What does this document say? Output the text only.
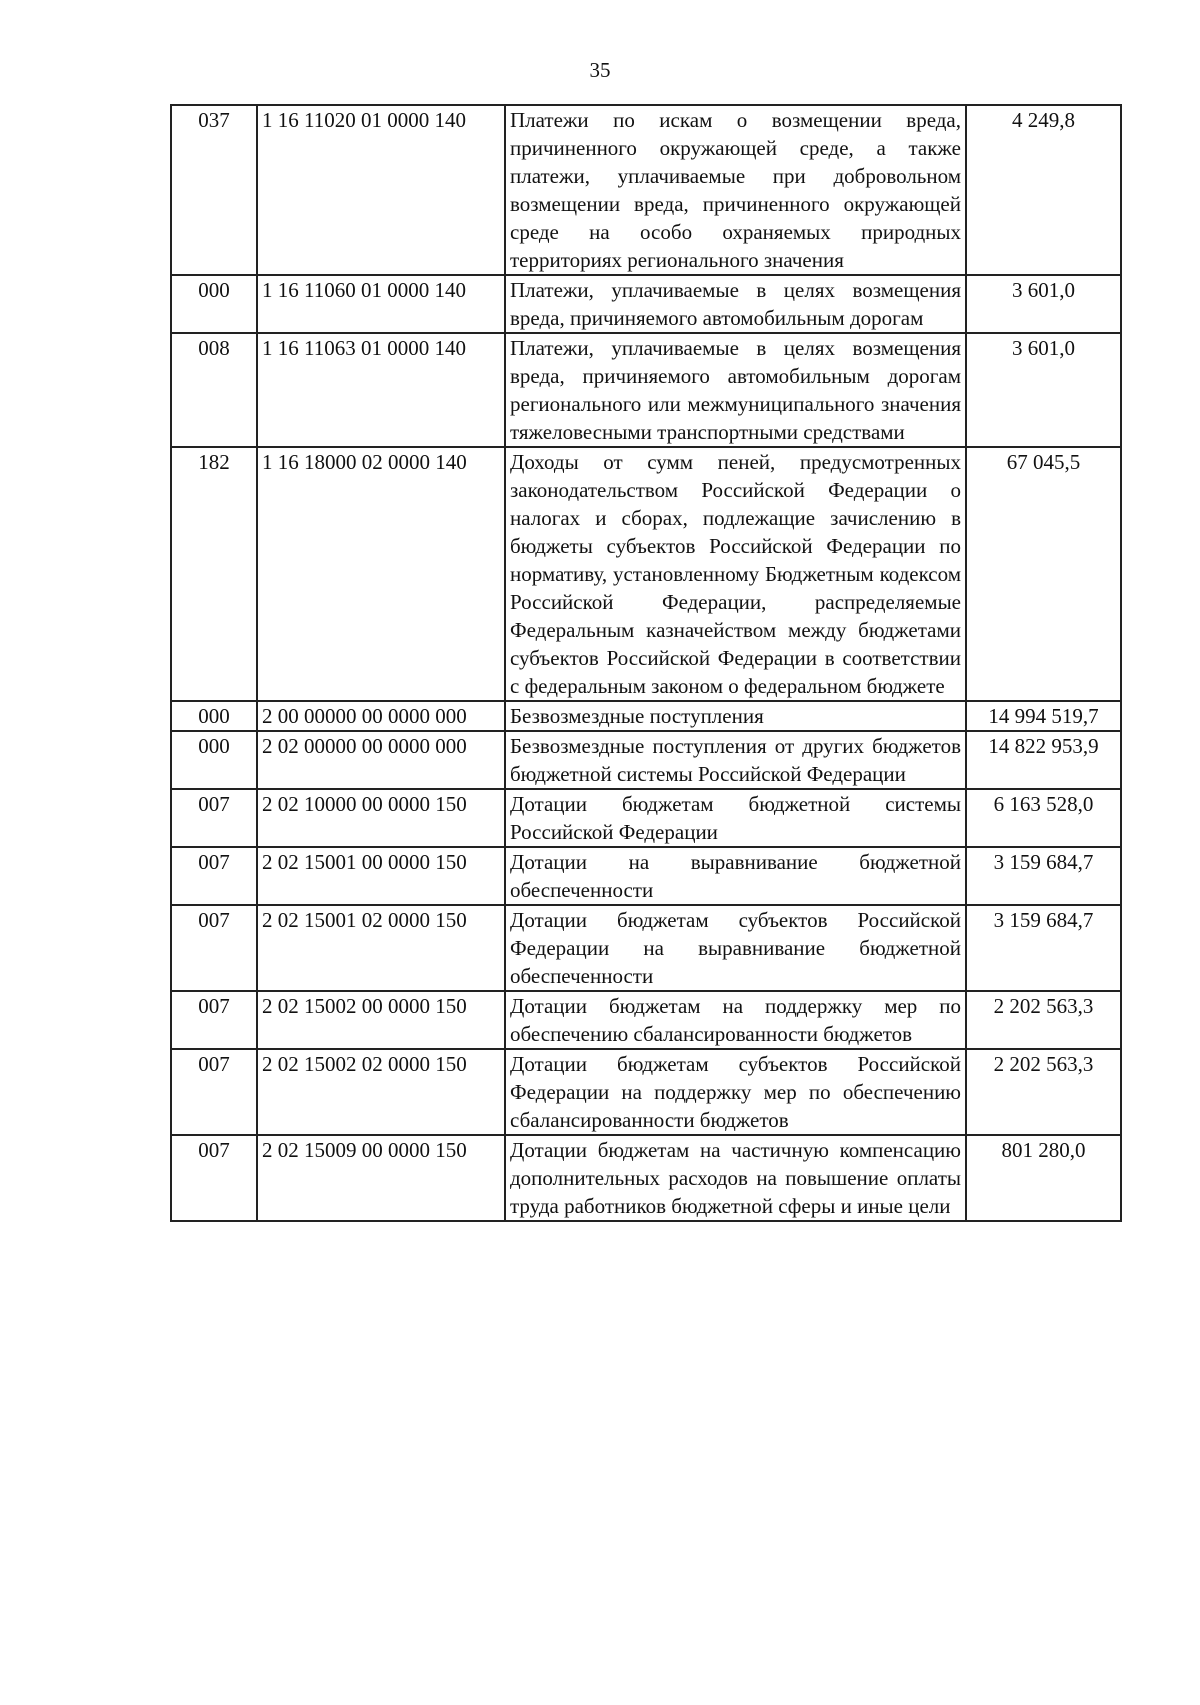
35
037	1 16 11020 01 0000 140	Платежи по искам о возмещении вреда, причиненного окружающей среде, а также платежи, уплачиваемые при добровольном возмещении вреда, причиненного окружающей среде на особо охраняемых природных территориях регионального значения	4 249,8
000	1 16 11060 01 0000 140	Платежи, уплачиваемые в целях возмещения вреда, причиняемого автомобильным дорогам	3 601,0
008	1 16 11063 01 0000 140	Платежи, уплачиваемые в целях возмещения вреда, причиняемого автомобильным дорогам регионального или межмуниципального значения тяжеловесными транспортными средствами	3 601,0
182	1 16 18000 02 0000 140	Доходы от сумм пеней, предусмотренных законодательством Российской Федерации о налогах и сборах, подлежащие зачислению в бюджеты субъектов Российской Федерации по нормативу, установленному Бюджетным кодексом Российской Федерации, распределяемые Федеральным казначейством между бюджетами субъектов Российской Федерации в соответствии с федеральным законом о федеральном бюджете	67 045,5
000	2 00 00000 00 0000 000	Безвозмездные поступления	14 994 519,7
000	2 02 00000 00 0000 000	Безвозмездные поступления от других бюджетов бюджетной системы Российской Федерации	14 822 953,9
007	2 02 10000 00 0000 150	Дотации бюджетам бюджетной системы Российской Федерации	6 163 528,0
007	2 02 15001 00 0000 150	Дотации на выравнивание бюджетной обеспеченности	3 159 684,7
007	2 02 15001 02 0000 150	Дотации бюджетам субъектов Российской Федерации на выравнивание бюджетной обеспеченности	3 159 684,7
007	2 02 15002 00 0000 150	Дотации бюджетам на поддержку мер по обеспечению сбалансированности бюджетов	2 202 563,3
007	2 02 15002 02 0000 150	Дотации бюджетам субъектов Российской Федерации на поддержку мер по обеспечению сбалансированности бюджетов	2 202 563,3
007	2 02 15009 00 0000 150	Дотации бюджетам на частичную компенсацию дополнительных расходов на повышение оплаты труда работников бюджетной сферы и иные цели	801 280,0
